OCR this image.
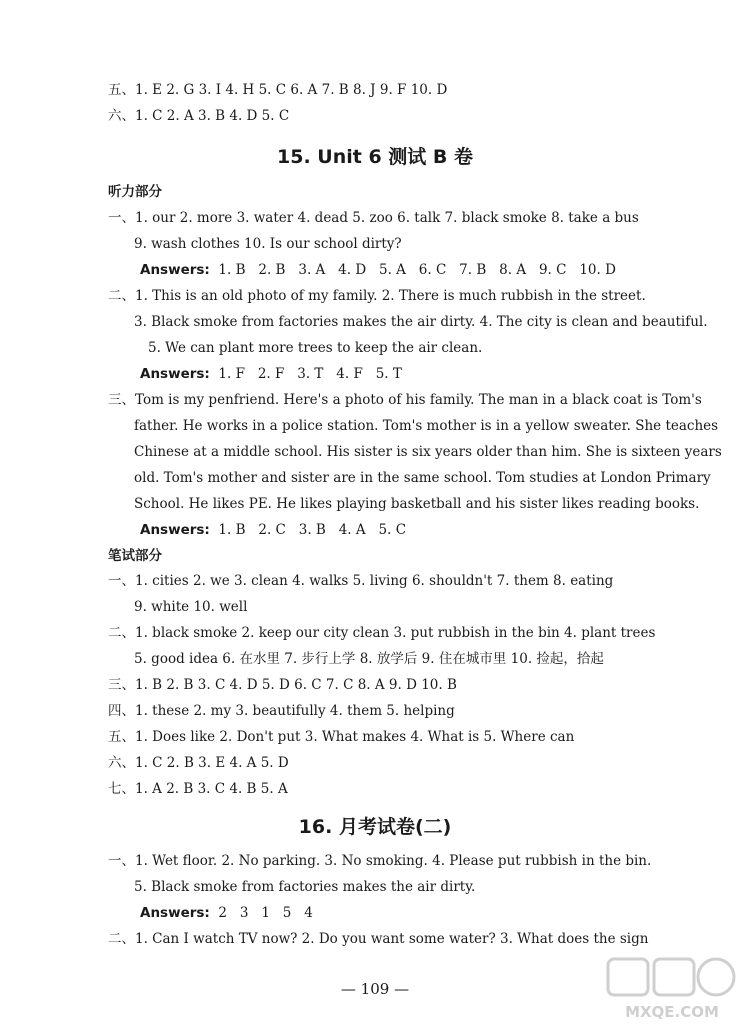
五、1. E 2. G 3. I 4. H 5. C 6. A 7. B 8. J 9. F 10. D
六、1. C 2. A 3. B 4. D 5. C
15. Unit 6 测试 B 卷
听力部分
一、1. our 2. more 3. water 4. dead 5. zoo 6. talk 7. black smoke 8. take a bus
9. wash clothes 10. Is our school dirty?
Answers:  1. B   2. B   3. A   4. D   5. A   6. C   7. B   8. A   9. C   10. D
二、1. This is an old photo of my family. 2. There is much rubbish in the street.
3. Black smoke from factories makes the air dirty. 4. The city is clean and beautiful.
5. We can plant more trees to keep the air clean.
Answers:  1. F   2. F   3. T   4. F   5. T
三、Tom is my penfriend. Here's a photo of his family. The man in a black coat is Tom's
father. He works in a police station. Tom's mother is in a yellow sweater. She teaches
Chinese at a middle school. His sister is six years older than him. She is sixteen years
old. Tom's mother and sister are in the same school. Tom studies at London Primary
School. He likes PE. He likes playing basketball and his sister likes reading books.
Answers:  1. B   2. C   3. B   4. A   5. C
笔试部分
一、1. cities 2. we 3. clean 4. walks 5. living 6. shouldn't 7. them 8. eating
9. white 10. well
二、1. black smoke 2. keep our city clean 3. put rubbish in the bin 4. plant trees
5. good idea 6. 在水里 7. 步行上学 8. 放学后 9. 住在城市里 10. 捡起，拾起
三、1. B 2. B 3. C 4. D 5. D 6. C 7. C 8. A 9. D 10. B
四、1. these 2. my 3. beautifully 4. them 5. helping
五、1. Does like 2. Don't put 3. What makes 4. What is 5. Where can
六、1. C 2. B 3. E 4. A 5. D
七、1. A 2. B 3. C 4. B 5. A
16. 月考试卷(二)
一、1. Wet floor. 2. No parking. 3. No smoking. 4. Please put rubbish in the bin.
5. Black smoke from factories makes the air dirty.
Answers:  2   3   1   5   4
二、1. Can I watch TV now? 2. Do you want some water? 3. What does the sign
— 109 —
MXQE.COM
